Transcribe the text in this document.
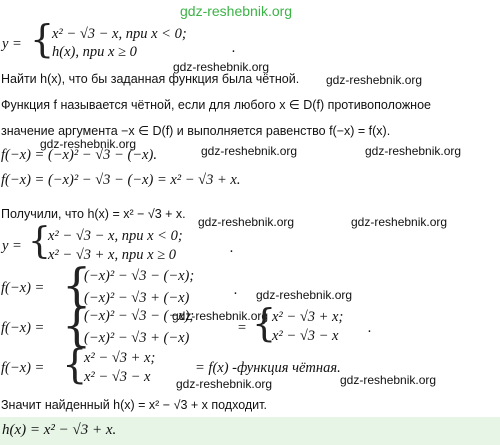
gdz-reshebnik.org
y = {
x² − √3 − x, при x < 0;
h(x), при x ≥ 0	.
gdz-reshebnik.org
Найти h(x), что бы заданная функция была чётной. gdz-reshebnik.org
Функция f называется чётной, если для любого x ∈ D(f) противоположное
значение аргумента −x ∈ D(f) и выполняется равенство f(−x) = f(x).
gdz-reshebnik.org
f(−x) = (−x)² − √3 − (−x).	gdz-reshebnik.org	gdz-reshebnik.org
f(−x) = (−x)² − √3 − (−x) = x² − √3 + x.
Получили, что h(x) = x² − √3 + x.
gdz-reshebnik.org	gdz-reshebnik.org
y = {
x² − √3 − x, при x < 0;
x² − √3 + x, при x ≥ 0	.
f(−x) = {
(−x)² − √3 − (−x);
(−x)² − √3 + (−x)	. gdz-reshebnik.org
gdz-reshebnik.org
f(−x) = {
(−x)² − √3 − (−x);
(−x)² − √3 + (−x)
= {
x² − √3 + x;
x² − √3 − x .
f(−x) = {
x² − √3 + x;
x² − √3 − x
= f(x) -функция чётная.
gdz-reshebnik.org	gdz-reshebnik.org
Значит найденный h(x) = x² − √3 + x подходит.
h(x) = x² − √3 + x.
